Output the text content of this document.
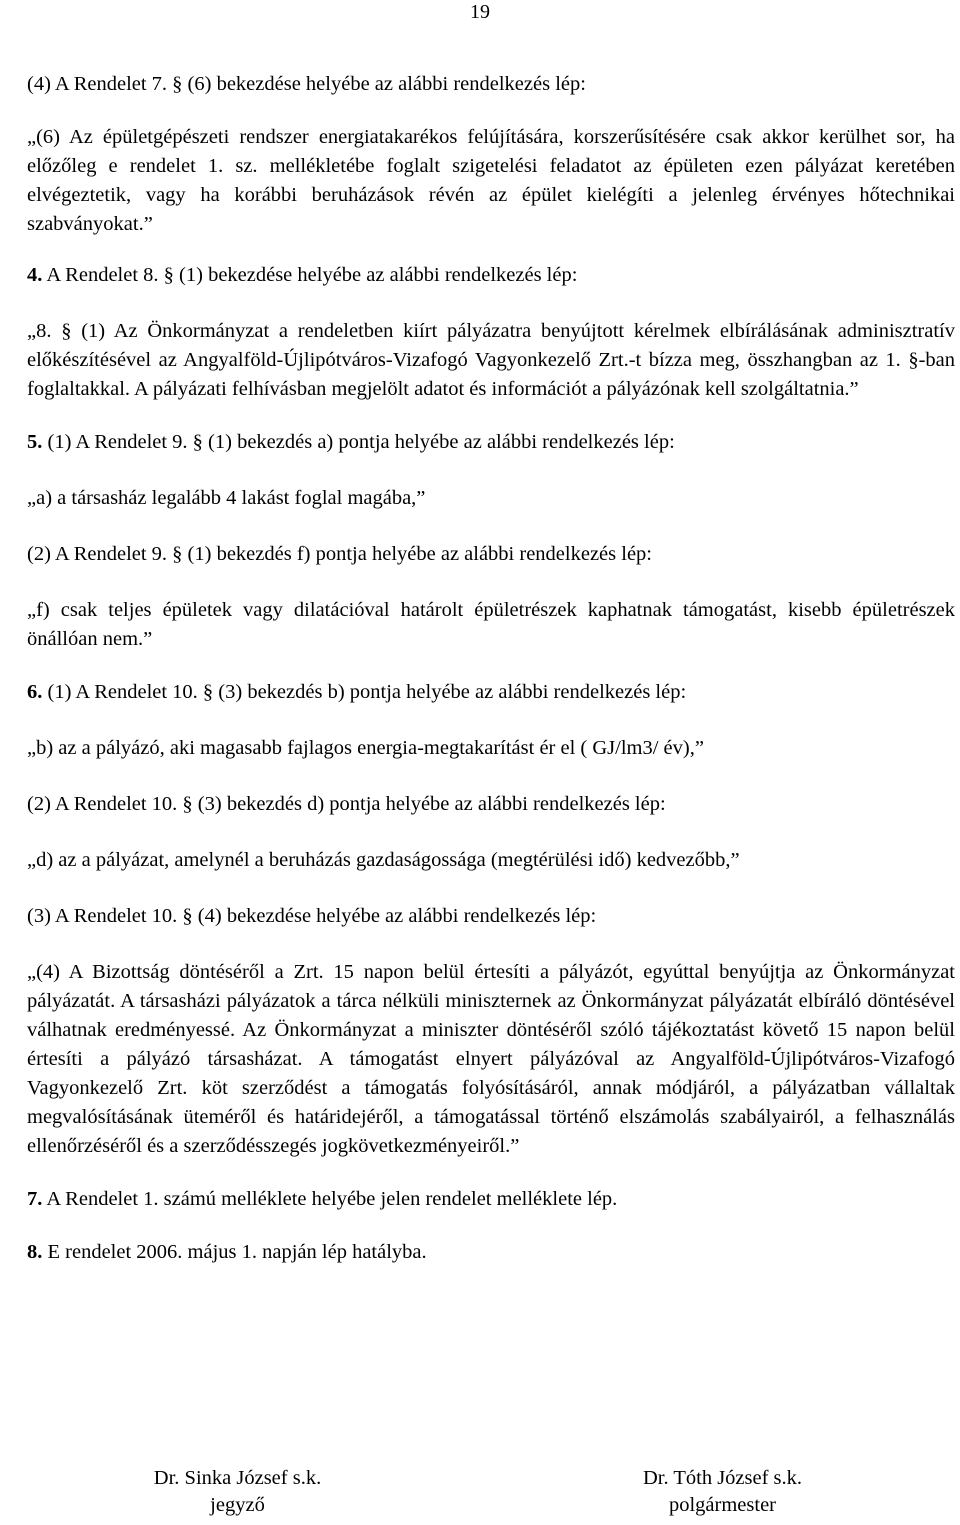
19

(4) A Rendelet 7. § (6) bekezdése helyébe az alábbi rendelkezés lép:

„(6) Az épületgépészeti rendszer energiatakarékos felújítására, korszerűsítésére csak akkor kerülhet sor, ha előzőleg e rendelet 1. sz. mellékletébe foglalt szigetelési feladatot az épületen ezen pályázat keretében elvégeztetik, vagy ha korábbi beruházások révén az épület kielégíti a jelenleg érvényes hőtechnikai szabványokat.”

4. A Rendelet 8. § (1) bekezdése helyébe az alábbi rendelkezés lép:

„8. § (1) Az Önkormányzat a rendeletben kiírt pályázatra benyújtott kérelmek elbírálásának adminisztratív előkészítésével az Angyalföld-Újlipótváros-Vizafogó Vagyonkezelő Zrt.-t bízza meg, összhangban az 1. §-ban foglaltakkal. A pályázati felhívásban megjelölt adatot és információt a pályázónak kell szolgáltatnia.”

5. (1) A Rendelet 9. § (1) bekezdés a) pontja helyébe az alábbi rendelkezés lép:

„a) a társasház legalább 4 lakást foglal magába,”

(2) A Rendelet 9. § (1) bekezdés f) pontja helyébe az alábbi rendelkezés lép:

„f) csak teljes épületek vagy dilatációval határolt épületrészek kaphatnak támogatást, kisebb épületrészek önállóan nem.”

6. (1) A Rendelet 10. § (3) bekezdés b) pontja helyébe az alábbi rendelkezés lép:

„b) az a pályázó, aki magasabb fajlagos energia-megtakarítást ér el ( GJ/lm3/ év),”

(2) A Rendelet 10. § (3) bekezdés d) pontja helyébe az alábbi rendelkezés lép:

„d) az a pályázat, amelynél a beruházás gazdaságossága (megtérülési idő) kedvezőbb,”

(3) A Rendelet 10. § (4) bekezdése helyébe az alábbi rendelkezés lép:

„(4) A Bizottság döntéséről a Zrt. 15 napon belül értesíti a pályázót, egyúttal benyújtja az Önkormányzat pályázatát. A társasházi pályázatok a tárca nélküli miniszternek az Önkormányzat pályázatát elbíráló döntésével válhatnak eredményessé. Az Önkormányzat a miniszter döntéséről szóló tájékoztatást követő 15 napon belül értesíti a pályázó társasházat. A támogatást elnyert pályázóval az Angyalföld-Újlipótváros-Vizafogó Vagyonkezelő Zrt. köt szerződést a támogatás folyósításáról, annak módjáról, a pályázatban vállaltak megvalósításának üteméről és határidejéről, a támogatással történő elszámolás szabályairól, a felhasználás ellenőrzéséről és a szerződésszegés jogkövetkezményeiről.”

7. A Rendelet 1. számú melléklete helyébe jelen rendelet melléklete lép.

8. E rendelet 2006. május 1. napján lép hatályba.

Dr. Sinka József s.k.
jegyző
Dr. Tóth József s.k.
polgármester
